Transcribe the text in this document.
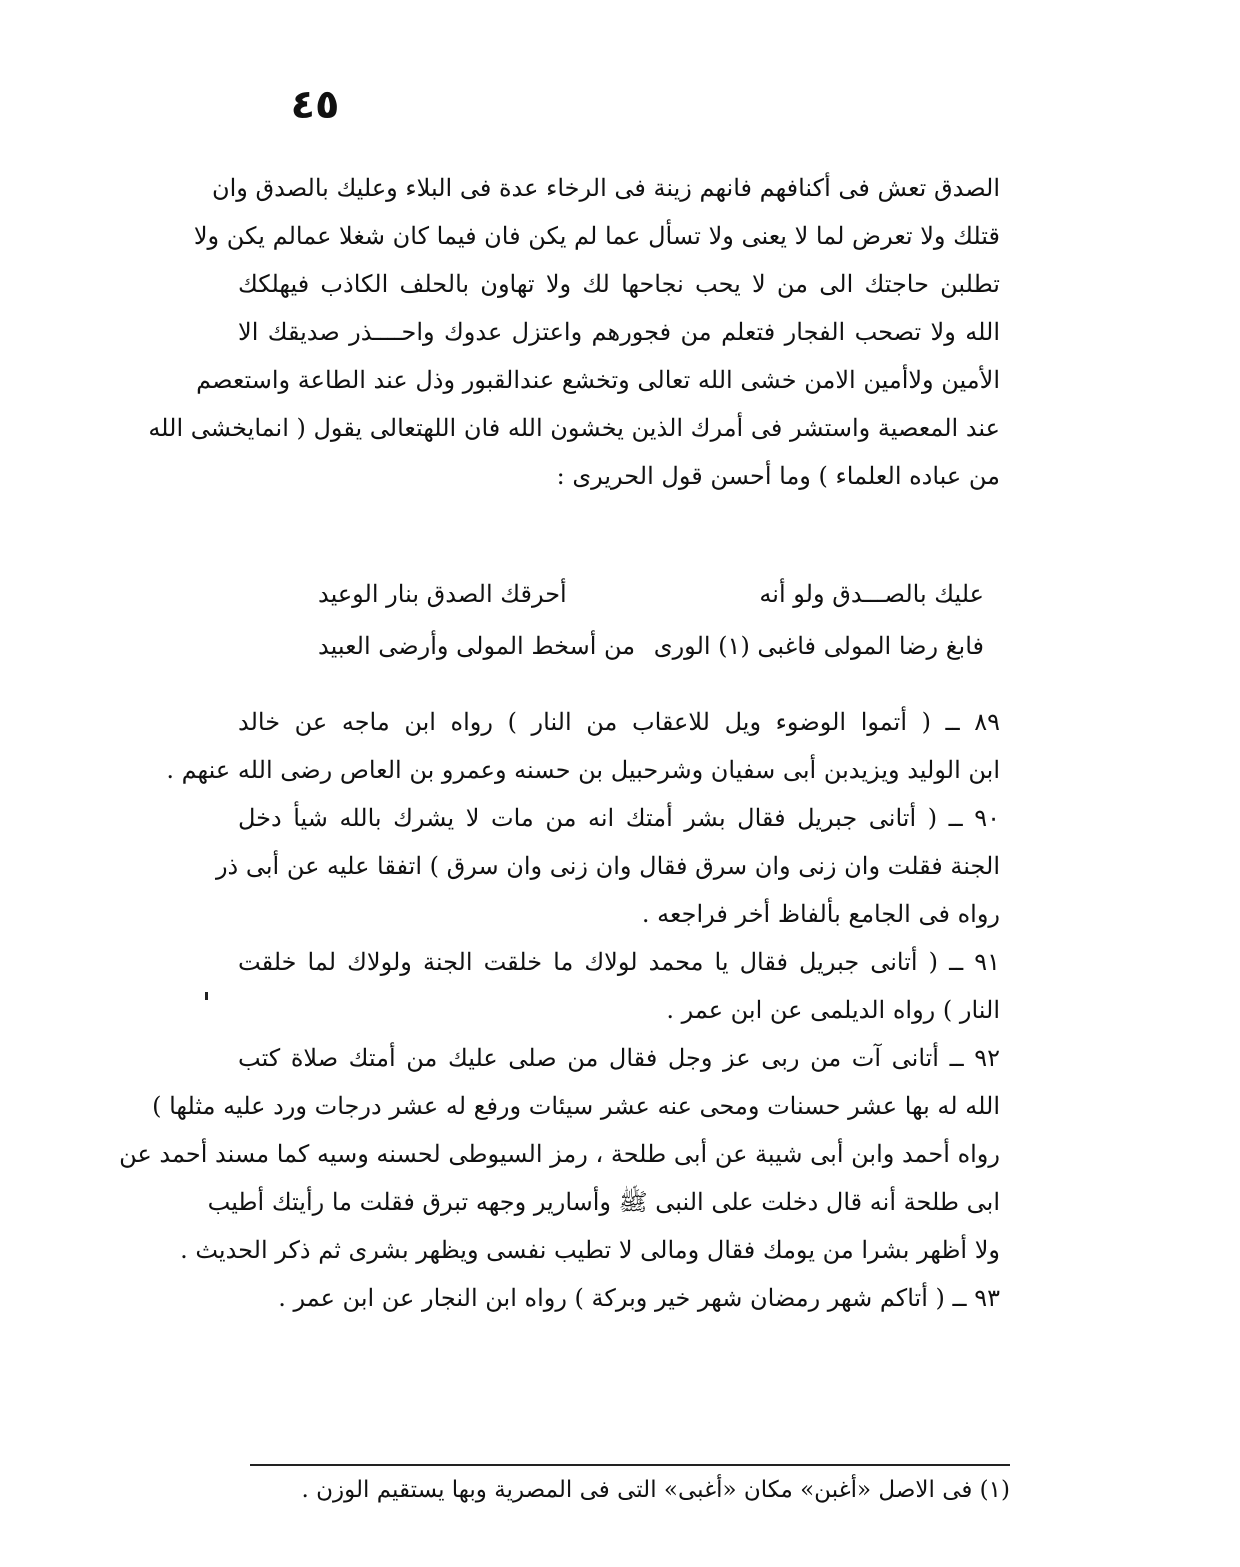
٤٥
الصدق تعش فى أكنافهم فانهم زينة فى الرخاء عدة فى البلاء وعليك بالصدق وان
قتلك ولا تعرض لما لا يعنى ولا تسأل عما لم يكن فان فيما كان شغلا عمالم يكن ولا
تطلبن حاجتك الى من لا يحب نجاحها لك ولا تهاون بالحلف الكاذب فيهلكك
الله ولا تصحب الفجار فتعلم من فجورهم واعتزل عدوك واحــــذر صديقك الا
الأمين ولاأمين الامن خشى الله تعالى وتخشع عندالقبور وذل عند الطاعة واستعصم
عند المعصية واستشر فى أمرك الذين يخشون الله فان اللهتعالى يقول ( انمايخشى الله
من عباده العلماء ) وما أحسن قول الحريرى :
عليك بالصـــدق ولو أنه
أحرقك الصدق بنار الوعيد
فابغ رضا المولى فاغبى (١) الورى
من أسخط المولى وأرضى العبيد
٨٩ ــ ( أتموا الوضوء ويل للاعقاب من النار ) رواه ابن ماجه عن خالد
ابن الوليد ويزيدبن أبى سفيان وشرحبيل بن حسنه وعمرو بن العاص رضى الله عنهم .
٩٠ ــ ( أتانى جبريل فقال بشر أمتك انه من مات لا يشرك بالله شيأ دخل
الجنة فقلت وان زنى وان سرق فقال وان زنى وان سرق ) اتفقا عليه عن أبى ذر
رواه فى الجامع بألفاظ أخر فراجعه .
٩١ ــ ( أتانى جبريل فقال يا محمد لولاك ما خلقت الجنة ولولاك لما خلقت
النار ) رواه الديلمى عن ابن عمر .
٩٢ ــ أتانى آت من ربى عز وجل فقال من صلى عليك من أمتك صلاة كتب
الله له بها عشر حسنات ومحى عنه عشر سيئات ورفع له عشر درجات ورد عليه مثلها )
رواه أحمد وابن أبى شيبة عن أبى طلحة ، رمز السيوطى لحسنه وسيه كما مسند أحمد عن
ابى طلحة أنه قال دخلت على النبى ﷺ وأسارير وجهه تبرق فقلت ما رأيتك أطيب
ولا أظهر بشرا من يومك فقال ومالى لا تطيب نفسى ويظهر بشرى ثم ذكر الحديث .
٩٣ ــ ( أتاكم شهر رمضان شهر خير وبركة ) رواه ابن النجار عن ابن عمر .
(١) فى الاصل «أغبن» مكان «أغبى» التى فى المصرية وبها يستقيم الوزن .
